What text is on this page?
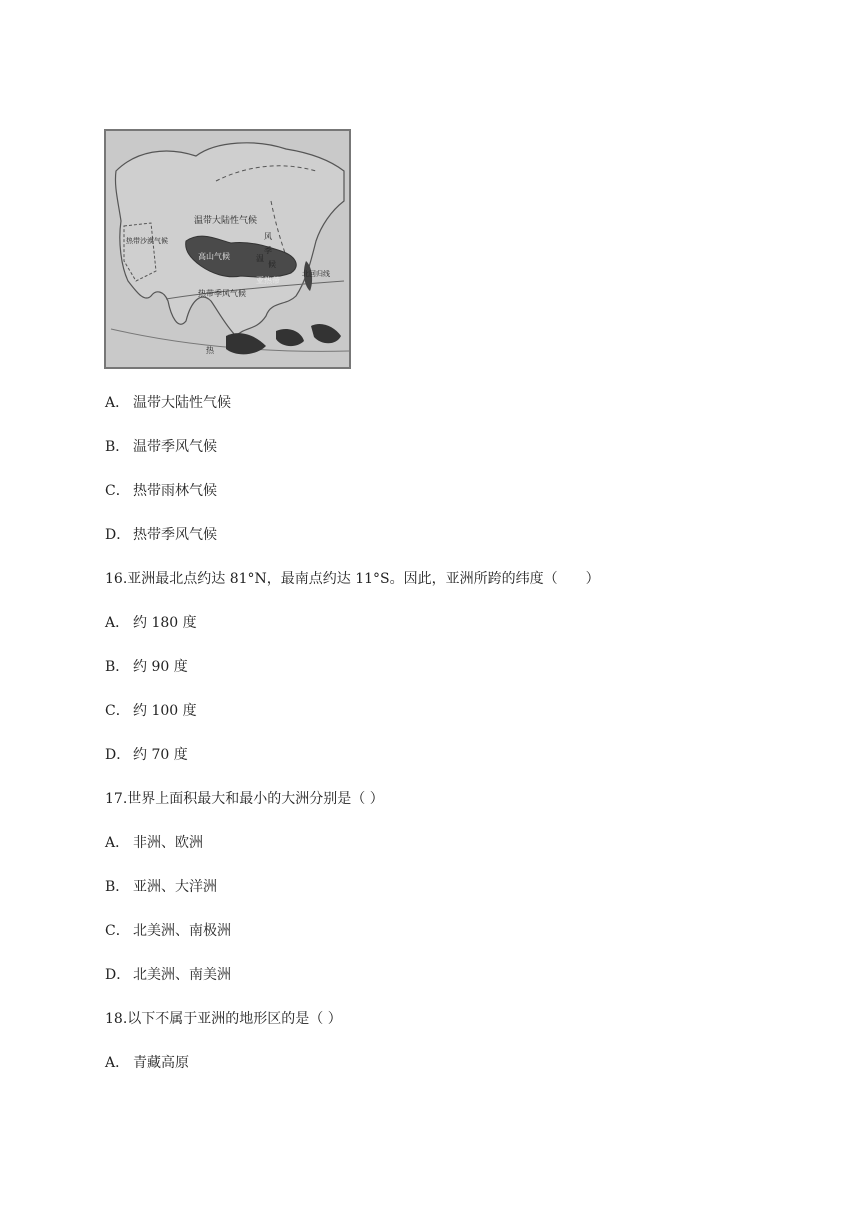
温带大陆性气候
风
季
候
高山气候
亚热带
热带季风气候
热带沙漠气候
北回归线
热
温
A． 温带大陆性气候
B． 温带季风气候
C． 热带雨林气候
D． 热带季风气候
16.亚洲最北点约达 81°N，最南点约达 11°S。因此，亚洲所跨的纬度（　　）
A． 约 180 度
B． 约 90 度
C． 约 100 度
D． 约 70 度
17.世界上面积最大和最小的大洲分别是（ ）
A． 非洲、欧洲
B． 亚洲、大洋洲
C． 北美洲、南极洲
D． 北美洲、南美洲
18.以下不属于亚洲的地形区的是（ ）
A． 青藏高原
